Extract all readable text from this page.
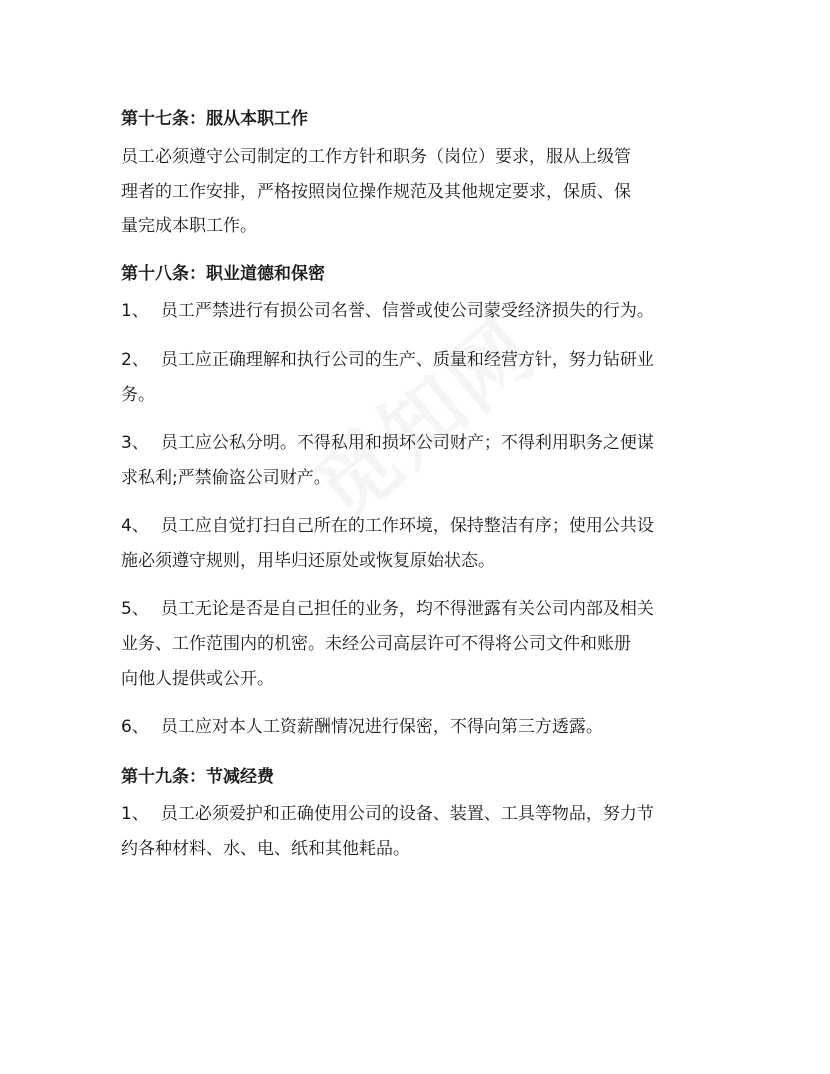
第十七条：服从本职工作
员工必须遵守公司制定的工作方针和职务（岗位）要求，服从上级管
理者的工作安排，严格按照岗位操作规范及其他规定要求，保质、保
量完成本职工作。
第十八条：职业道德和保密
1、 员工严禁进行有损公司名誉、信誉或使公司蒙受经济损失的行为。
2、 员工应正确理解和执行公司的生产、质量和经营方针，努力钻研业
务。
3、 员工应公私分明。不得私用和损坏公司财产；不得利用职务之便谋
求私利;严禁偷盗公司财产。
4、 员工应自觉打扫自己所在的工作环境，保持整洁有序；使用公共设
施必须遵守规则，用毕归还原处或恢复原始状态。
5、 员工无论是否是自己担任的业务，均不得泄露有关公司内部及相关
业务、工作范围内的机密。未经公司高层许可不得将公司文件和账册
向他人提供或公开。
6、 员工应对本人工资薪酬情况进行保密，不得向第三方透露。
第十九条：节减经费
1、 员工必须爱护和正确使用公司的设备、装置、工具等物品，努力节
约各种材料、水、电、纸和其他耗品。
